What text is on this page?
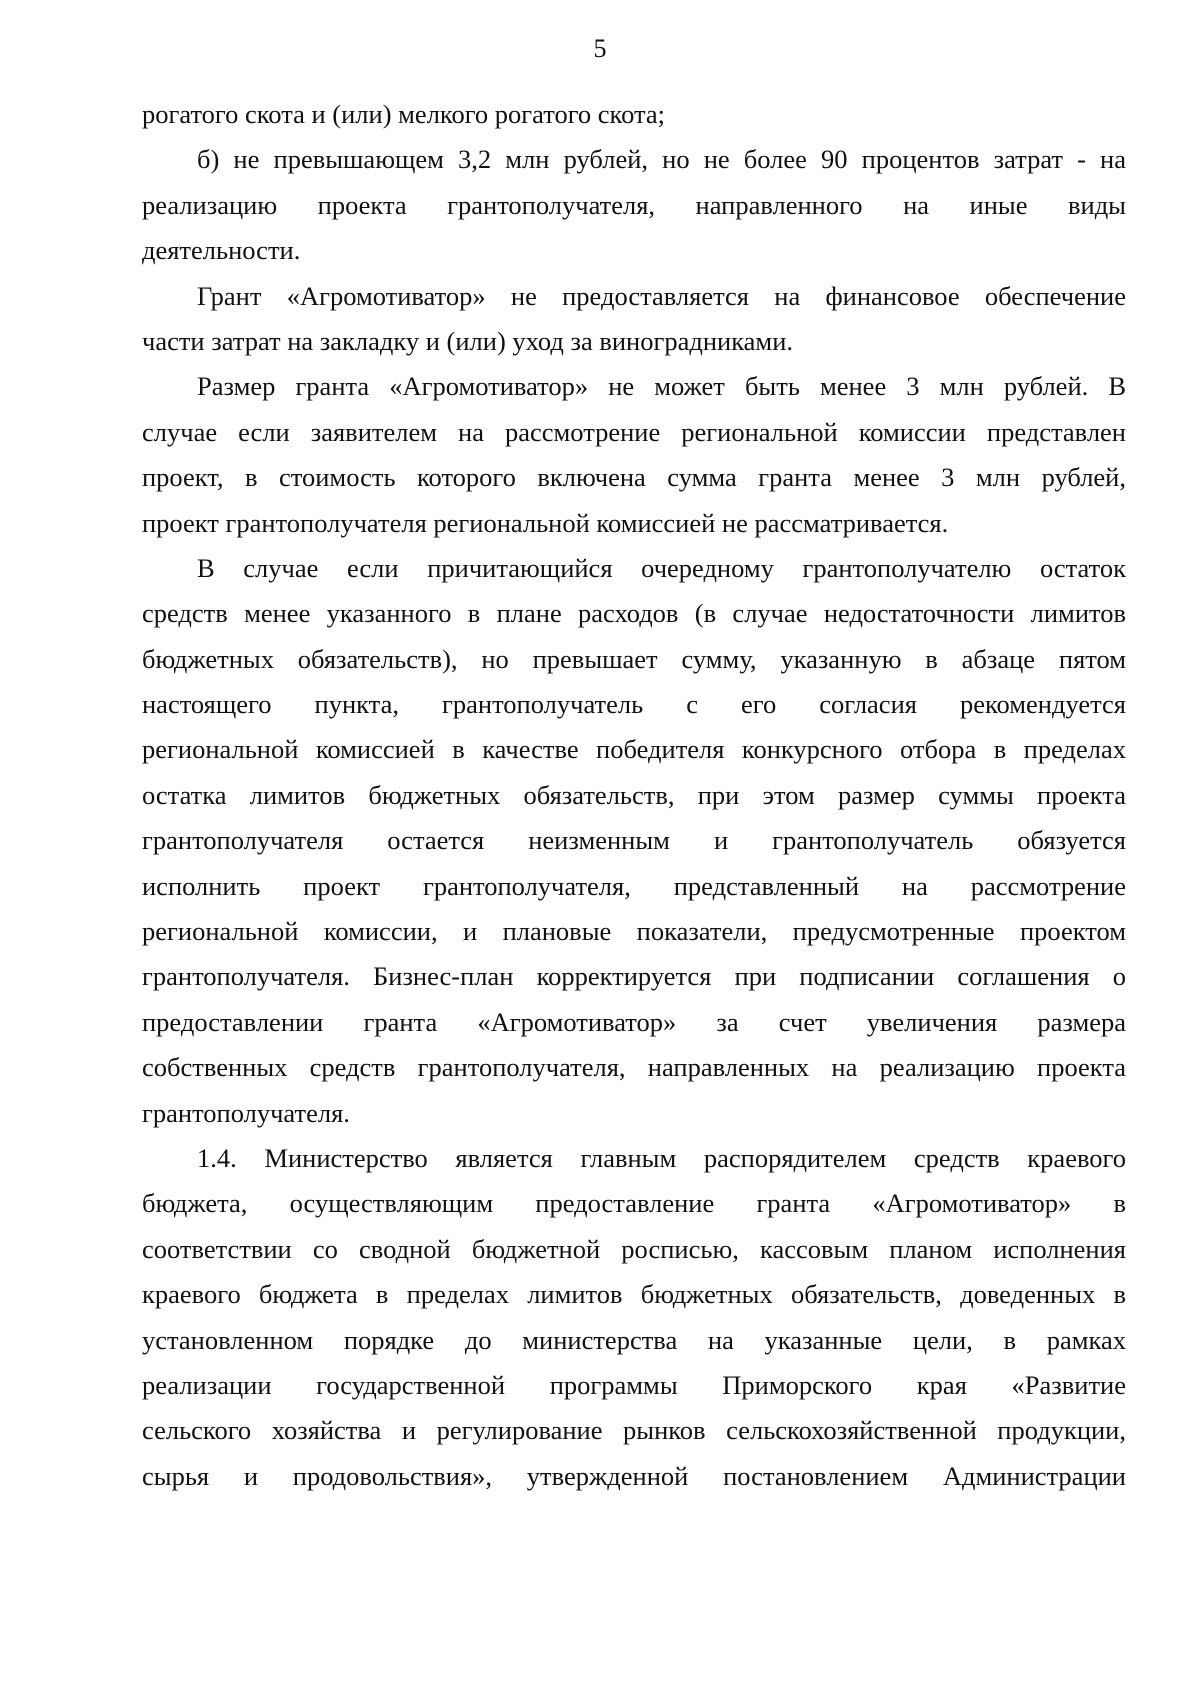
5
рогатого скота и (или) мелкого рогатого скота;
б) не превышающем 3,2 млн рублей, но не более 90 процентов затрат - на
реализацию проекта грантополучателя, направленного на иные виды
деятельности.
Грант «Агромотиватор» не предоставляется на финансовое обеспечение
части затрат на закладку и (или) уход за виноградниками.
Размер гранта «Агромотиватор» не может быть менее 3 млн рублей. В
случае если заявителем на рассмотрение региональной комиссии представлен
проект, в стоимость которого включена сумма гранта менее 3 млн рублей,
проект грантополучателя региональной комиссией не рассматривается.
В случае если причитающийся очередному грантополучателю остаток
средств менее указанного в плане расходов (в случае недостаточности лимитов
бюджетных обязательств), но превышает сумму, указанную в абзаце пятом
настоящего пункта, грантополучатель с его согласия рекомендуется
региональной комиссией в качестве победителя конкурсного отбора в пределах
остатка лимитов бюджетных обязательств, при этом размер суммы проекта
грантополучателя остается неизменным и грантополучатель обязуется
исполнить проект грантополучателя, представленный на рассмотрение
региональной комиссии, и плановые показатели, предусмотренные проектом
грантополучателя. Бизнес-план корректируется при подписании соглашения о
предоставлении гранта «Агромотиватор» за счет увеличения размера
собственных средств грантополучателя, направленных на реализацию проекта
грантополучателя.
1.4. Министерство является главным распорядителем средств краевого
бюджета, осуществляющим предоставление гранта «Агромотиватор» в
соответствии со сводной бюджетной росписью, кассовым планом исполнения
краевого бюджета в пределах лимитов бюджетных обязательств, доведенных в
установленном порядке до министерства на указанные цели, в рамках
реализации государственной программы Приморского края «Развитие
сельского хозяйства и регулирование рынков сельскохозяйственной продукции,
сырья и продовольствия», утвержденной постановлением Администрации
